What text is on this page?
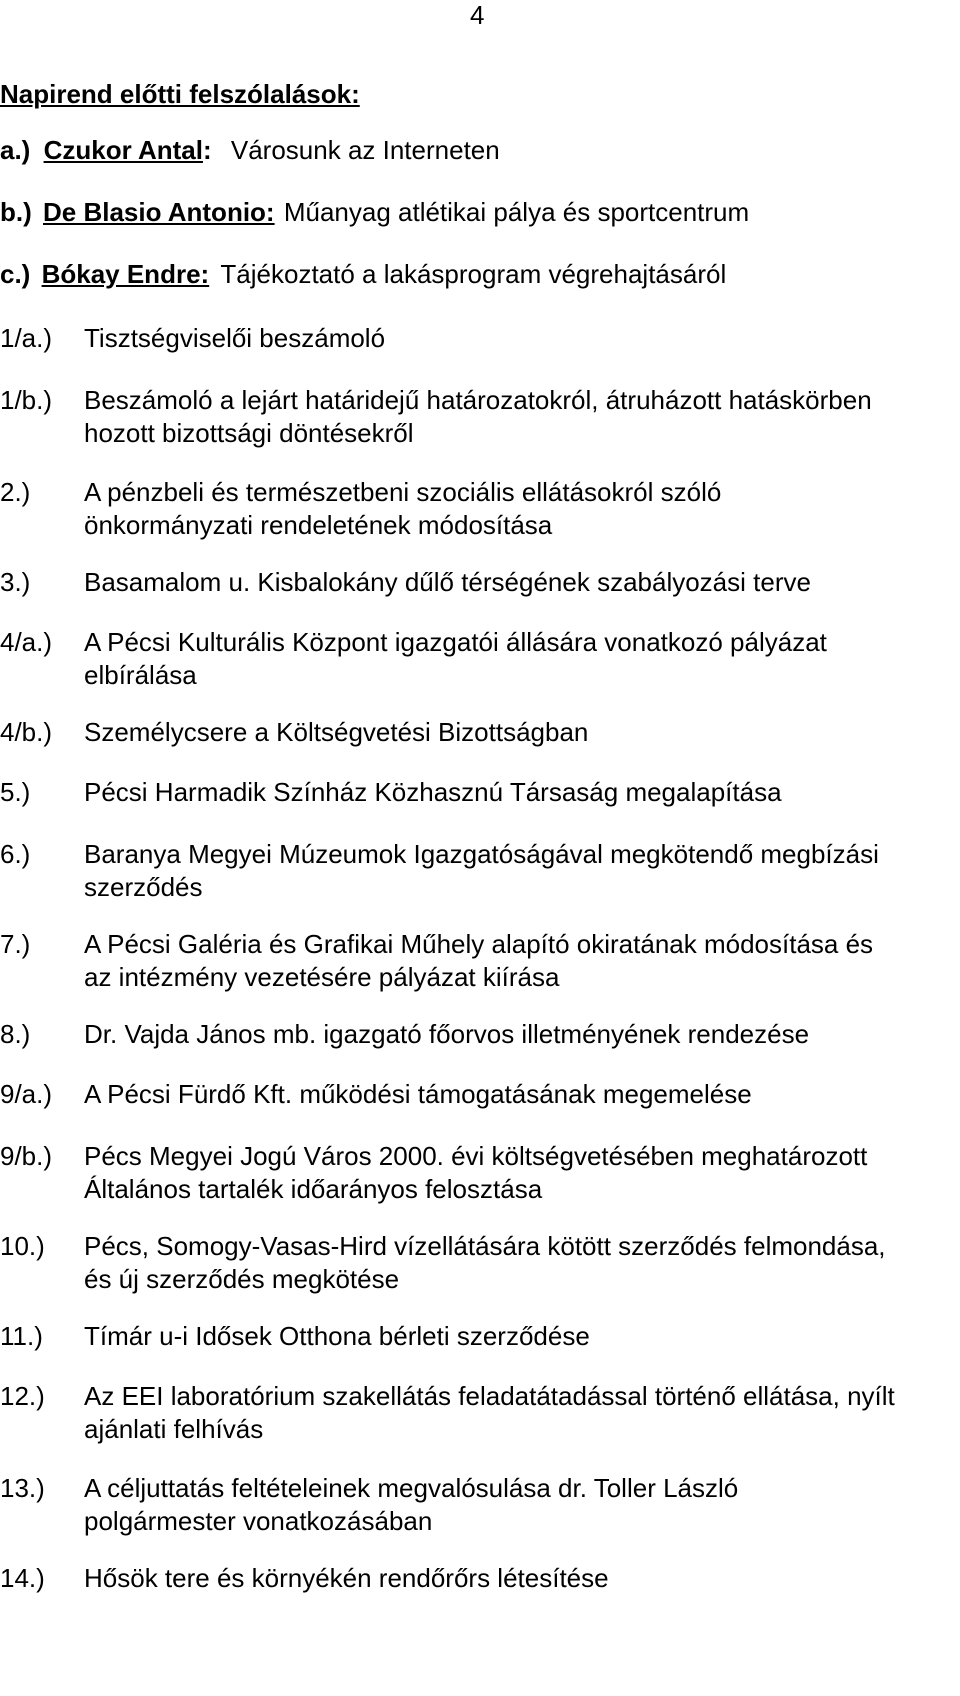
4
Napirend előtti felszólalások:
a.) Czukor Antal: Városunk az Interneten
b.) De Blasio Antonio: Műanyag atlétikai pálya és sportcentrum
c.) Bókay Endre: Tájékoztató a lakásprogram végrehajtásáról
1/a.) Tisztségviselői beszámoló
1/b.) Beszámoló a lejárt határidejű határozatokról, átruházott hatáskörben
hozott bizottsági döntésekről
2.) A pénzbeli és természetbeni szociális ellátásokról szóló
önkormányzati rendeletének módosítása
3.) Basamalom u. Kisbalokány dűlő térségének szabályozási terve
4/a.) A Pécsi Kulturális Központ igazgatói állására vonatkozó pályázat
elbírálása
4/b.) Személycsere a Költségvetési Bizottságban
5.) Pécsi Harmadik Színház Közhasznú Társaság megalapítása
6.) Baranya Megyei Múzeumok Igazgatóságával megkötendő megbízási
szerződés
7.) A Pécsi Galéria és Grafikai Műhely alapító okiratának módosítása és
az intézmény vezetésére pályázat kiírása
8.) Dr. Vajda János mb. igazgató főorvos illetményének rendezése
9/a.) A Pécsi Fürdő Kft. működési támogatásának megemelése
9/b.) Pécs Megyei Jogú Város 2000. évi költségvetésében meghatározott
Általános tartalék időarányos felosztása
10.) Pécs, Somogy-Vasas-Hird vízellátására kötött szerződés felmondása,
és új szerződés megkötése
11.) Tímár u-i Idősek Otthona bérleti szerződése
12.) Az EEI laboratórium szakellátás feladatátadással történő ellátása, nyílt
ajánlati felhívás
13.) A céljuttatás feltételeinek megvalósulása dr. Toller László
polgármester vonatkozásában
14.) Hősök tere és környékén rendőrőrs létesítése
